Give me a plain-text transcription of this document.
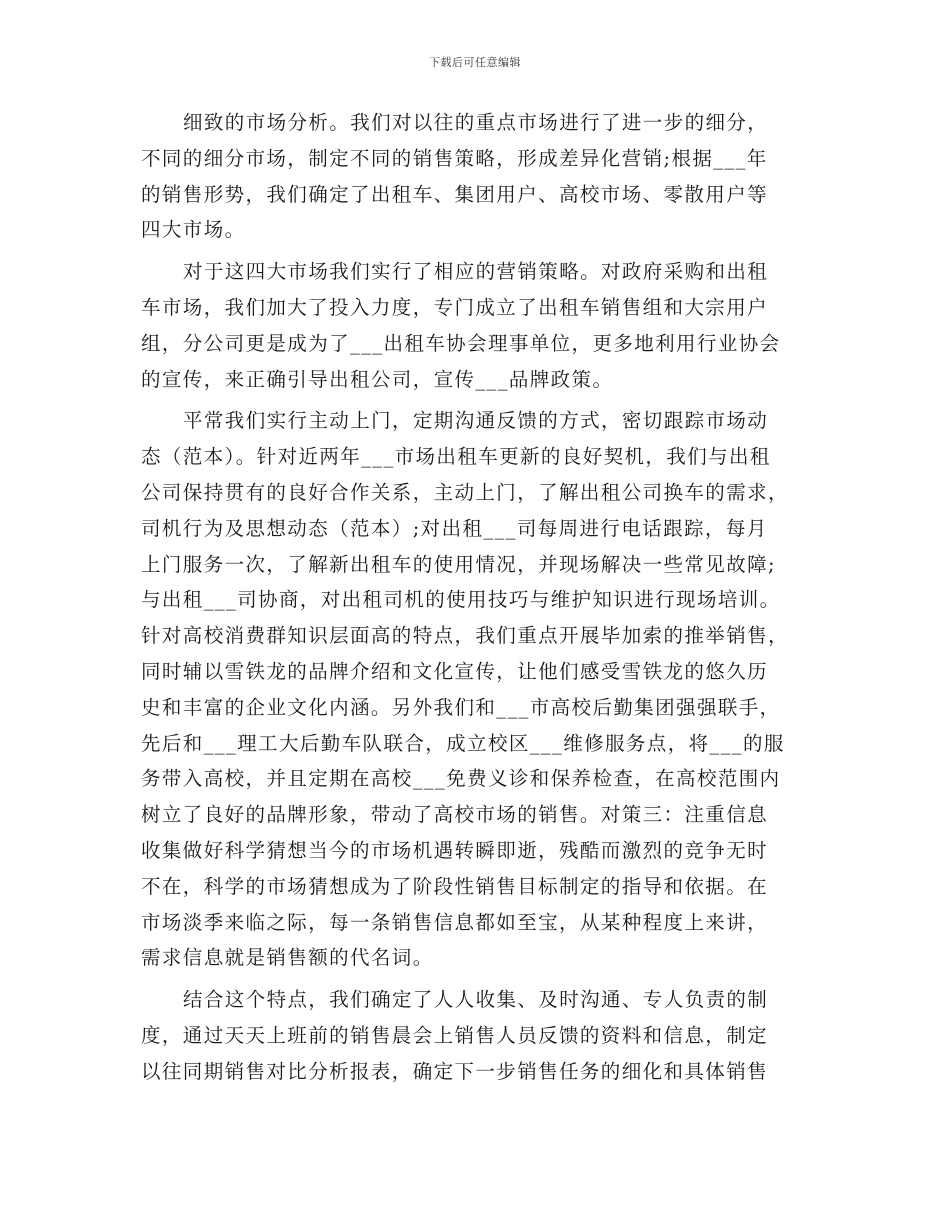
下载后可任意编辑

细致的市场分析。我们对以往的重点市场进行了进一步的细分，
不同的细分市场，制定不同的销售策略，形成差异化营销;根据___年
的销售形势，我们确定了出租车、集团用户、高校市场、零散用户等
四大市场。

对于这四大市场我们实行了相应的营销策略。对政府采购和出租
车市场，我们加大了投入力度，专门成立了出租车销售组和大宗用户
组，分公司更是成为了___出租车协会理事单位，更多地利用行业协会
的宣传，来正确引导出租公司，宣传___品牌政策。

平常我们实行主动上门，定期沟通反馈的方式，密切跟踪市场动
态（范本）。针对近两年___市场出租车更新的良好契机，我们与出租
公司保持贯有的良好合作关系，主动上门，了解出租公司换车的需求，
司机行为及思想动态（范本）;对出租___司每周进行电话跟踪，每月
上门服务一次，了解新出租车的使用情况，并现场解决一些常见故障;
与出租___司协商，对出租司机的使用技巧与维护知识进行现场培训。
针对高校消费群知识层面高的特点，我们重点开展毕加索的推举销售，
同时辅以雪铁龙的品牌介绍和文化宣传，让他们感受雪铁龙的悠久历
史和丰富的企业文化内涵。另外我们和___市高校后勤集团强强联手，
先后和___理工大后勤车队联合，成立校区___维修服务点，将___的服
务带入高校，并且定期在高校___免费义诊和保养检查，在高校范围内
树立了良好的品牌形象，带动了高校市场的销售。对策三：注重信息
收集做好科学猜想当今的市场机遇转瞬即逝，残酷而激烈的竞争无时
不在，科学的市场猜想成为了阶段性销售目标制定的指导和依据。在
市场淡季来临之际，每一条销售信息都如至宝，从某种程度上来讲，
需求信息就是销售额的代名词。

结合这个特点，我们确定了人人收集、及时沟通、专人负责的制
度，通过天天上班前的销售晨会上销售人员反馈的资料和信息，制定
以往同期销售对比分析报表，确定下一步销售任务的细化和具体销售
